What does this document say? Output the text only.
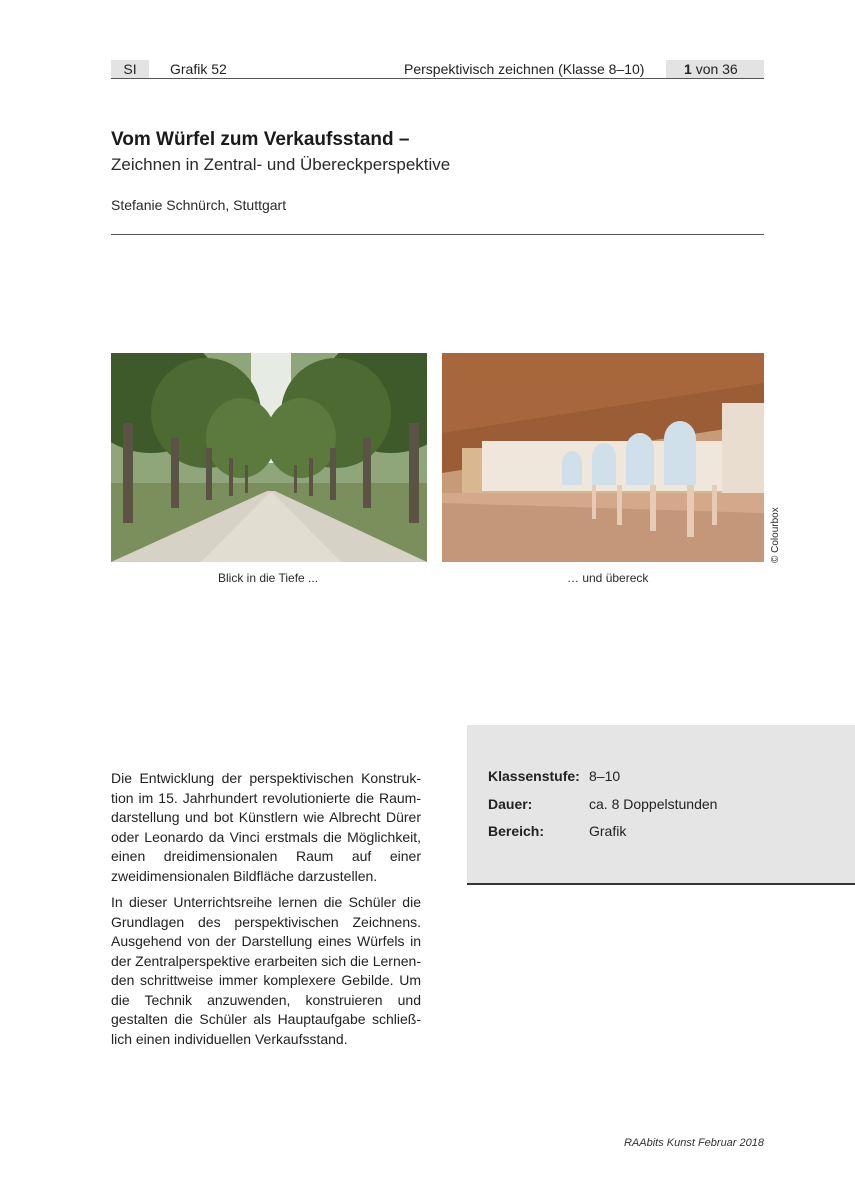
SI	Grafik 52	Perspektivisch zeichnen (Klasse 8–10)	1 von 36
Vom Würfel zum Verkaufsstand –
Zeichnen in Zentral- und Übereckperspektive
Stefanie Schnürch, Stuttgart
Blick in die Tiefe ...	… und übereck
© Colourbox

Die Entwicklung der perspektivischen Konstruktion im 15. Jahrhundert revolutionierte die Raumdarstellung und bot Künstlern wie Albrecht Dürer oder Leonardo da Vinci erstmals die Möglichkeit, einen dreidimensionalen Raum auf einer zweidimensionalen Bildfläche darzustellen.

In dieser Unterrichtsreihe lernen die Schüler die Grundlagen des perspektivischen Zeichnens. Ausgehend von der Darstellung eines Würfels in der Zentralperspektive erarbeiten sich die Lernenden schrittweise immer komplexere Gebilde. Um die Technik anzuwenden, konstruieren und gestalten die Schüler als Hauptaufgabe schließlich einen individuellen Verkaufsstand.

Klassenstufe: 8–10
Dauer:	ca. 8 Doppelstunden
Bereich:	Grafik
RAAbits Kunst Februar 2018
